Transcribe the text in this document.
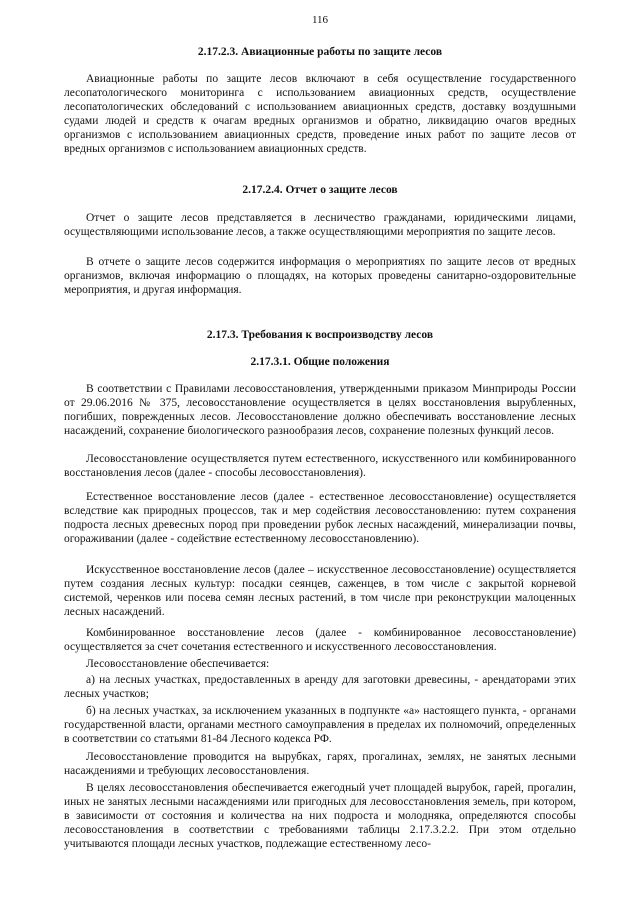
116
2.17.2.3. Авиационные работы по защите лесов

Авиационные работы по защите лесов включают в себя осуществление государственного лесопатологического мониторинга с использованием авиационных средств, осуществление лесопатологических обследований с использованием авиационных средств, доставку воздушными судами людей и средств к очагам вредных организмов и обратно, ликвидацию очагов вредных организмов с использованием авиационных средств, проведение иных работ по защите лесов от вредных организмов с использованием авиационных средств.

2.17.2.4. Отчет о защите лесов

Отчет о защите лесов представляется в лесничество гражданами, юридическими лицами, осуществляющими использование лесов, а также осуществляющими мероприятия по защите лесов.

В отчете о защите лесов содержится информация о мероприятиях по защите лесов от вредных организмов, включая информацию о площадях, на которых проведены санитарно-оздоровительные мероприятия, и другая информация.

2.17.3. Требования к воспроизводству лесов
2.17.3.1. Общие положения

В соответствии с Правилами лесовосстановления, утвержденными приказом Минприроды России от 29.06.2016 № 375, лесовосстановление осуществляется в целях восстановления вырубленных, погибших, поврежденных лесов. Лесовосстановление должно обеспечивать восстановление лесных насаждений, сохранение биологического разнообразия лесов, сохранение полезных функций лесов.

Лесовосстановление осуществляется путем естественного, искусственного или комбинированного восстановления лесов (далее - способы лесовосстановления).

Естественное восстановление лесов (далее - естественное лесовосстановление) осуществляется вследствие как природных процессов, так и мер содействия лесовосстановлению: путем сохранения подроста лесных древесных пород при проведении рубок лесных насаждений, минерализации почвы, огораживании (далее - содействие естественному лесовосстановлению).

Искусственное восстановление лесов (далее – искусственное лесовосстановление) осуществляется путем создания лесных культур: посадки сеянцев, саженцев, в том числе с закрытой корневой системой, черенков или посева семян лесных растений, в том числе при реконструкции малоценных лесных насаждений.

Комбинированное восстановление лесов (далее - комбинированное лесовосстановление) осуществляется за счет сочетания естественного и искусственного лесовосстановления.

Лесовосстановление обеспечивается:

а) на лесных участках, предоставленных в аренду для заготовки древесины, - арендаторами этих лесных участков;

б) на лесных участках, за исключением указанных в подпункте «а» настоящего пункта, - органами государственной власти, органами местного самоуправления в пределах их полномочий, определенных в соответствии со статьями 81-84 Лесного кодекса РФ.

Лесовосстановление проводится на вырубках, гарях, прогалинах, землях, не занятых лесными насаждениями и требующих лесовосстановления.

В целях лесовосстановления обеспечивается ежегодный учет площадей вырубок, гарей, прогалин, иных не занятых лесными насаждениями или пригодных для лесовосстановления земель, при котором, в зависимости от состояния и количества на них подроста и молодняка, определяются способы лесовосстановления в соответствии с требованиями таблицы 2.17.3.2.2. При этом отдельно учитываются площади лесных участков, подлежащие естественному лесо-
